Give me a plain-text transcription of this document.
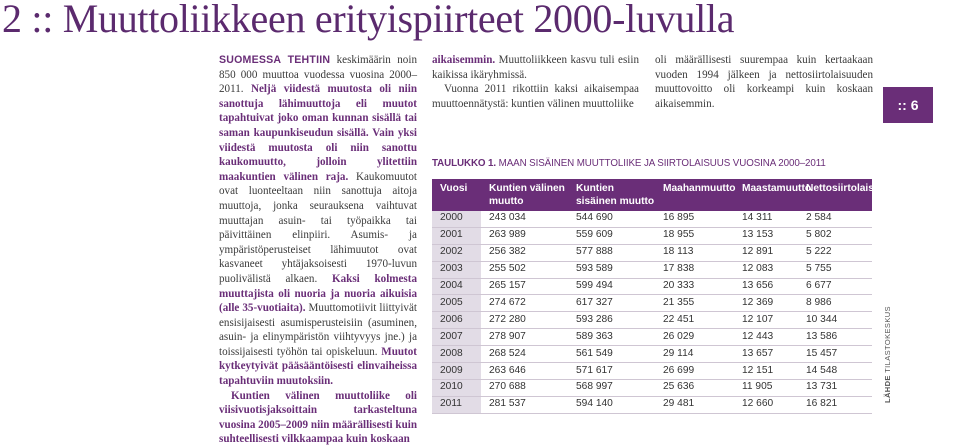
2 :: Muuttoliikkeen erityispiirteet 2000-luvulla

SUOMESSA TEHTIIN keskimäärin noin 850 000 muuttoa vuodessa vuosina 2000–2011. Neljä viidestä muutosta oli niin sanottuja lähimuuttoja eli muutot tapahtuivat joko oman kunnan sisällä tai saman kaupunkiseudun sisällä. Vain yksi viidestä muutosta oli niin sanottu kaukomuutto, jolloin ylitettiin maakuntien välinen raja. Kaukomuutot ovat luonteeltaan niin sanottuja aitoja muuttoja, jonka seurauksena vaihtuvat muuttajan asuin- tai työpaikka tai päivittäinen elinpiiri. Asumis- ja ympäristöperusteiset lähimuutot ovat kasvaneet yhtäjaksoisesti 1970-luvun puolivälistä alkaen. Kaksi kolmesta muuttajista oli nuoria ja nuoria aikuisia (alle 35-vuotiaita). Muuttomotiivit liittyivät ensisijaisesti asumisperusteisiin (asuminen, asuin- ja elinympäristön viihtyvyys jne.) ja toissijaisesti työhön tai opiskeluun. Muutot kytkeytyivät pääsääntöisesti elinvaiheissa tapahtuviin muutoksiin.

Kuntien välinen muuttoliike oli viisivuotisjaksoittain tarkasteltuna vuosina 2005–2009 niin määrällisesti kuin suhteellisesti vilkkaampaa kuin koskaan

aikaisemmin. Muuttoliikkeen kasvu tuli esiin kaikissa ikäryhmissä.

Vuonna 2011 rikottiin kaksi aikaisempaa muuttoennätystä: kuntien välinen muuttoliike

oli määrällisesti suurempaa kuin kertaakaan vuoden 1994 jälkeen ja nettosiirtolaisuuden muuttovoitto oli korkeampi kuin koskaan aikaisemmin.	:: 6

TAULUKKO 1. MAAN SISÄINEN MUUTTOLIIKE JA SIIRTOLAISUUS VUOSINA 2000–2011

Vuosi	Kuntien välinen muutto	Kuntien sisäinen muutto	Maahanmuutto	Maastamuutto	Nettosiirtolaisuus
2000	243 034	544 690	16 895	14 311	2 584
2001	263 989	559 609	18 955	13 153	5 802
2002	256 382	577 888	18 113	12 891	5 222
2003	255 502	593 589	17 838	12 083	5 755
2004	265 157	599 494	20 333	13 656	6 677
2005	274 672	617 327	21 355	12 369	8 986
2006	272 280	593 286	22 451	12 107	10 344
2007	278 907	589 363	26 029	12 443	13 586
2008	268 524	561 549	29 114	13 657	15 457
2009	263 646	571 617	26 699	12 151	14 548
2010	270 688	568 997	25 636	11 905	13 731
2011	281 537	594 140	29 481	12 660	16 821
LÄHDE TILASTOKESKUS
